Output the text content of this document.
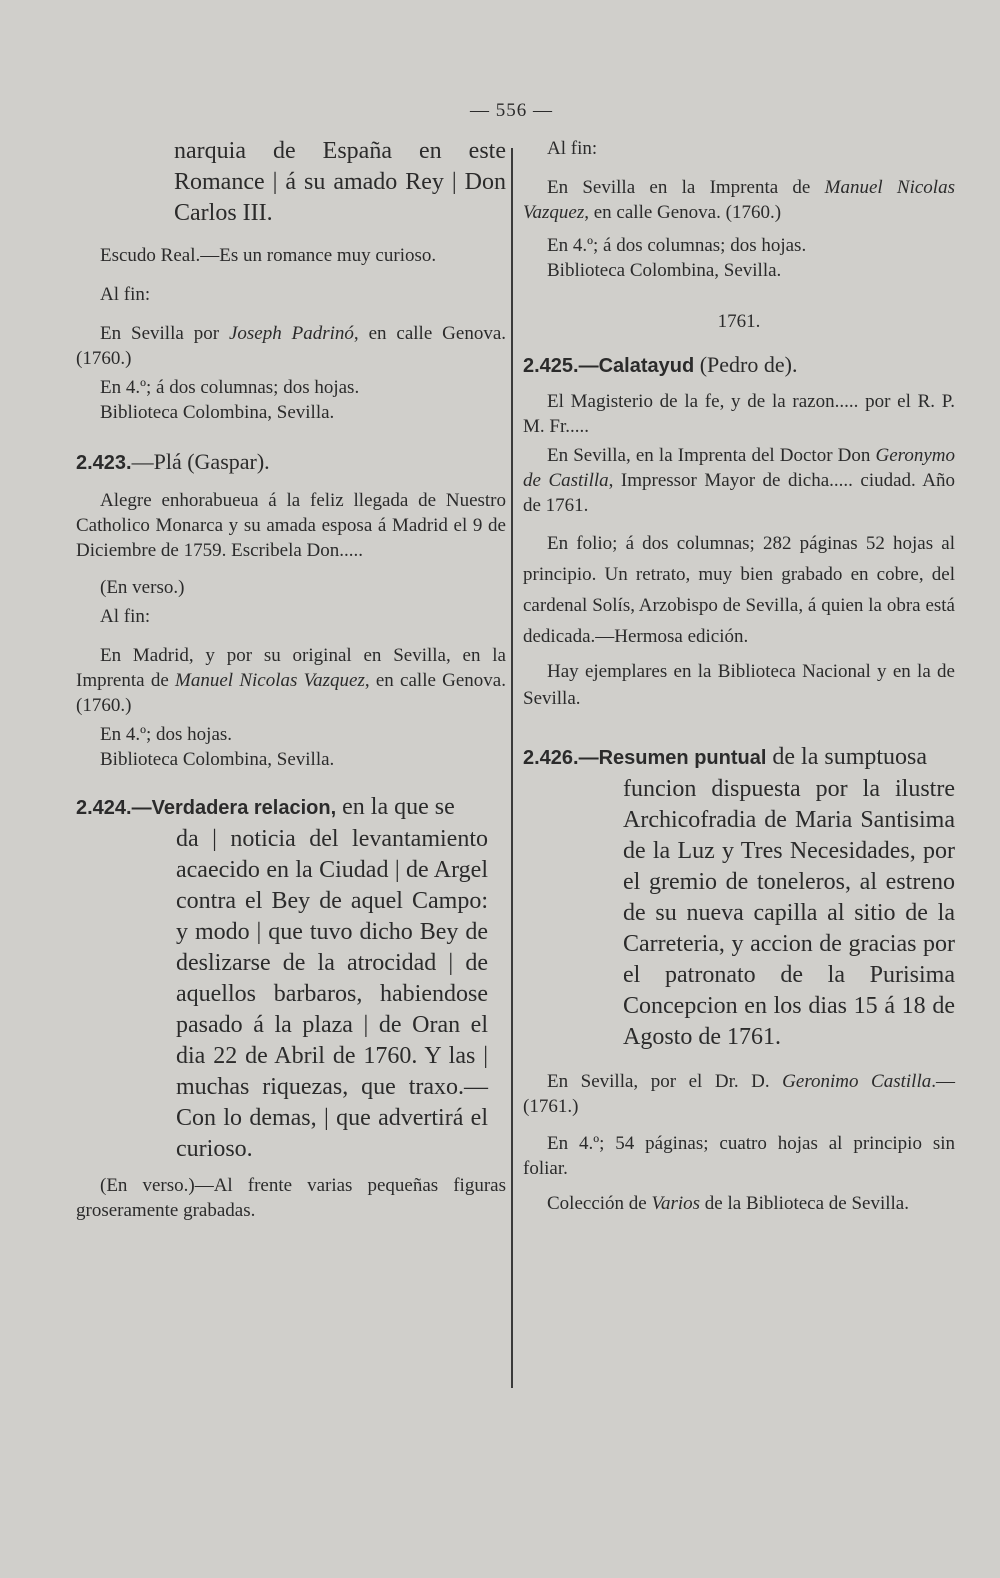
— 556 —

narquia de España en este Romance | á su amado Rey | Don Carlos III.

Escudo Real.—Es un romance muy curioso.

Al fin:

En Sevilla por Joseph Padrinó, en calle Genova. (1760.)

En 4.º; á dos columnas; dos hojas.

Biblioteca Colombina, Sevilla.

2.423.—Plá (Gaspar).

Alegre enhorabueua á la feliz llegada de Nuestro Catholico Monarca y su amada esposa á Madrid el 9 de Diciembre de 1759. Escribela Don.....

(En verso.)

Al fin:

En Madrid, y por su original en Sevilla, en la Imprenta de Manuel Nicolas Vazquez, en calle Genova. (1760.)

En 4.º; dos hojas.

Biblioteca Colombina, Sevilla.

2.424.—Verdadera relacion, en la que se

da | noticia del levantamiento acaecido en la Ciudad | de Argel contra el Bey de aquel Campo: y modo | que tuvo dicho Bey de deslizarse de la atrocidad | de aquellos barbaros, habiendose pasado á la plaza | de Oran el dia 22 de Abril de 1760. Y las | muchas riquezas, que traxo.— Con lo demas, | que advertirá el curioso.

(En verso.)—Al frente varias pequeñas figuras groseramente grabadas.

Al fin:

En Sevilla en la Imprenta de Manuel Nicolas Vazquez, en calle Genova. (1760.)

En 4.º; á dos columnas; dos hojas.

Biblioteca Colombina, Sevilla.

1761.

2.425.—Calatayud (Pedro de).

El Magisterio de la fe, y de la razon..... por el R. P. M. Fr.....

En Sevilla, en la Imprenta del Doctor Don Geronymo de Castilla, Impressor Mayor de dicha..... ciudad. Año de 1761.

En folio; á dos columnas; 282 páginas 52 hojas al principio. Un retrato, muy bien grabado en cobre, del cardenal Solís, Arzobispo de Sevilla, á quien la obra está dedicada.—Hermosa edición.

Hay ejemplares en la Biblioteca Nacional y en la de Sevilla.

2.426.—Resumen puntual de la sumptuosa

funcion dispuesta por la ilustre Archicofradia de Maria Santisima de la Luz y Tres Necesidades, por el gremio de toneleros, al estreno de su nueva capilla al sitio de la Carreteria, y accion de gracias por el patronato de la Purisima Concepcion en los dias 15 á 18 de Agosto de 1761.

En Sevilla, por el Dr. D. Geronimo Castilla.—(1761.)

En 4.º; 54 páginas; cuatro hojas al principio sin foliar.

Colección de Varios de la Biblioteca de Sevilla.
